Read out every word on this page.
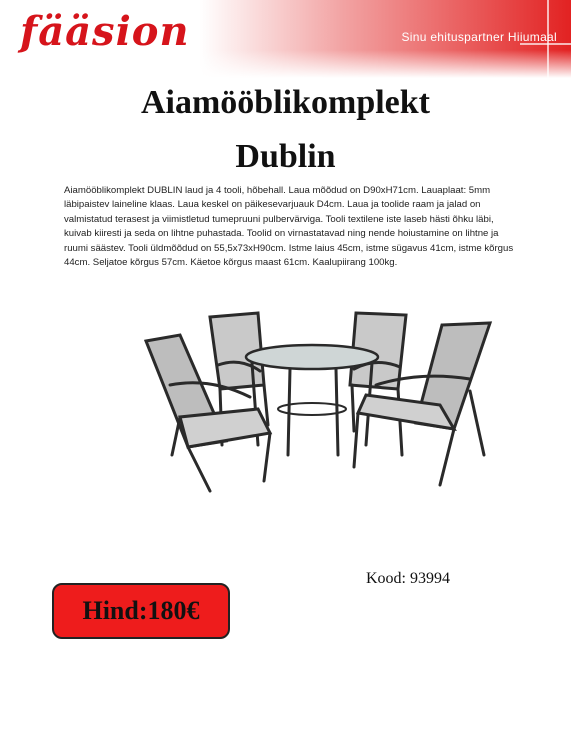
fääsion	Sinu ehituspartner Hiiumaal
Aiamööblikomplekt
Dublin

Aiamööblikomplekt DUBLIN laud ja 4 tooli, hõbehall. Laua mõõdud on D90xH71cm. Lauaplaat: 5mm läbipaistev laineline klaas. Laua keskel on päikesevarjuauk D4cm. Laua ja toolide raam ja jalad on valmistatud terasest ja viimistletud tumepruuni pulbervärviga. Tooli textilene iste laseb hästi õhku läbi, kuivab kiiresti ja seda on lihtne puhastada. Toolid on virnastatavad ning nende hoiustamine on lihtne ja ruumi säästev. Tooli üldmõõdud on 55,5x73xH90cm. Istme laius 45cm, istme sügavus 41cm, istme kõrgus 44cm. Seljatoe kõrgus 57cm. Käetoe kõrgus maast 61cm. Kaalupiirang 100kg.

Kood: 93994
Hind:180€
